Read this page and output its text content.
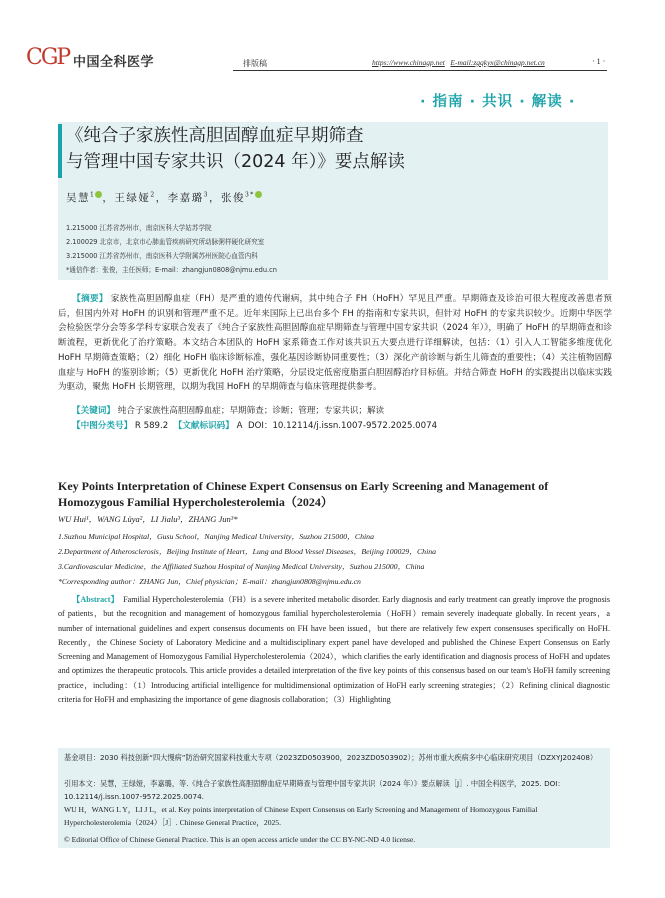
CGP 中国全科医学	排版稿	https://www.chinagp.net E-mail:zgqkyx@chinagp.net.cn	· 1 ·
· 指南 · 共识 · 解读 ·
《纯合子家族性高胆固醇血症早期筛查
与管理中国专家共识（2024 年）》要点解读
吴慧$^1$ ，王绿娅$^2$，李嘉璐$^3$，张俊$^{3*}$
1.215000 江苏省苏州市，南京医科大学姑苏学院
2.100029 北京市，北京市心肺血管疾病研究所动脉粥样硬化研究室
3.215000 江苏省苏州市，南京医科大学附属苏州医院心血管内科
*通信作者：张俊，主任医师；E-mail：zhangjun0808@njmu.edu.cn
【摘要】 家族性高胆固醇血症（FH）是严重的遗传代谢病，其中纯合子 FH（HoFH）罕见且严重。早期筛查及诊治可很大程度改善患者预后，但国内外对 HoFH 的识别和管理严重不足。近年来国际上已出台多个 FH 的指南和专家共识，但针对 HoFH 的专家共识较少。近期中华医学会检验医学分会等多学科专家联合发表了《纯合子家族性高胆固醇血症早期筛查与管理中国专家共识（2024 年）》，明确了 HoFH 的早期筛查和诊断流程，更新优化了治疗策略。本文结合本团队的 HoFH 家系筛查工作对该共识五大要点进行详细解读，包括：（1）引入人工智能多维度优化 HoFH 早期筛查策略；（2）细化 HoFH 临床诊断标准，强化基因诊断协同重要性；（3）深化产前诊断与新生儿筛查的重要性；（4）关注植物固醇血症与 HoFH 的鉴别诊断；（5）更新优化 HoFH 治疗策略，分层设定低密度脂蛋白胆固醇治疗目标值。并结合筛查 HoFH 的实践提出以临床实践为驱动，聚焦 HoFH 长期管理，以期为我国 HoFH 的早期筛查与临床管理提供参考。
【关键词】 纯合子家族性高胆固醇血症；早期筛查；诊断；管理；专家共识；解读
【中图分类号】 R 589.2 【文献标识码】 A DOI：10.12114/j.issn.1007-9572.2025.0074
Key Points Interpretation of Chinese Expert Consensus on Early Screening and Management of Homozygous Familial Hypercholesterolemia（2024）
WU Hui¹，WANG Lüya²，LI Jialu³，ZHANG Jun³*
1.Suzhou Municipal Hospital，Gusu School，Nanjing Medical University，Suzhou 215000，China
2.Department of Atherosclerosis，Beijing Institute of Heart，Lung and Blood Vessel Diseases，Beijing 100029，China
3.Cardiovascular Medicine，the Affiliated Suzhou Hospital of Nanjing Medical University，Suzhou 215000，China
*Corresponding author：ZHANG Jun，Chief physician；E-mail：zhangjun0808@njmu.edu.cn
【Abstract】 Familial Hypercholesterolemia（FH）is a severe inherited metabolic disorder. Early diagnosis and early treatment can greatly improve the prognosis of patients，but the recognition and management of homozygous familial hypercholesterolemia（HoFH）remain severely inadequate globally. In recent years，a number of international guidelines and expert consensus documents on FH have been issued，but there are relatively few expert consensuses specifically on HoFH. Recently，the Chinese Society of Laboratory Medicine and a multidisciplinary expert panel have developed and published the Chinese Expert Consensus on Early Screening and Management of Homozygous Familial Hypercholesterolemia（2024），which clarifies the early identification and diagnosis process of HoFH and updates and optimizes the therapeutic protocols. This article provides a detailed interpretation of the five key points of this consensus based on our team's HoFH family screening practice，including：（1）Introducing artificial intelligence for multidimensional optimization of HoFH early screening strategies；（2）Refining clinical diagnostic criteria for HoFH and emphasizing the importance of gene diagnosis collaboration；（3）Highlighting
基金项目：2030 科技创新“四大慢病”防治研究国家科技重大专项（2023ZD0503900，2023ZD0503902）；苏州市重大疾病多中心临床研究项目（DZXYJ202408）
引用本文：吴慧，王绿娅，李嘉璐，等.《纯合子家族性高胆固醇血症早期筛查与管理中国专家共识（2024 年）》要点解读［J］. 中国全科医学，2025. DOI：10.12114/j.issn.1007-9572.2025.0074.
WU H，WANG L Y，LI J L，et al. Key points interpretation of Chinese Expert Consensus on Early Screening and Management of Homozygous Familial Hypercholesterolemia（2024）［J］. Chinese General Practice，2025.
© Editorial Office of Chinese General Practice. This is an open access article under the CC BY-NC-ND 4.0 license.
